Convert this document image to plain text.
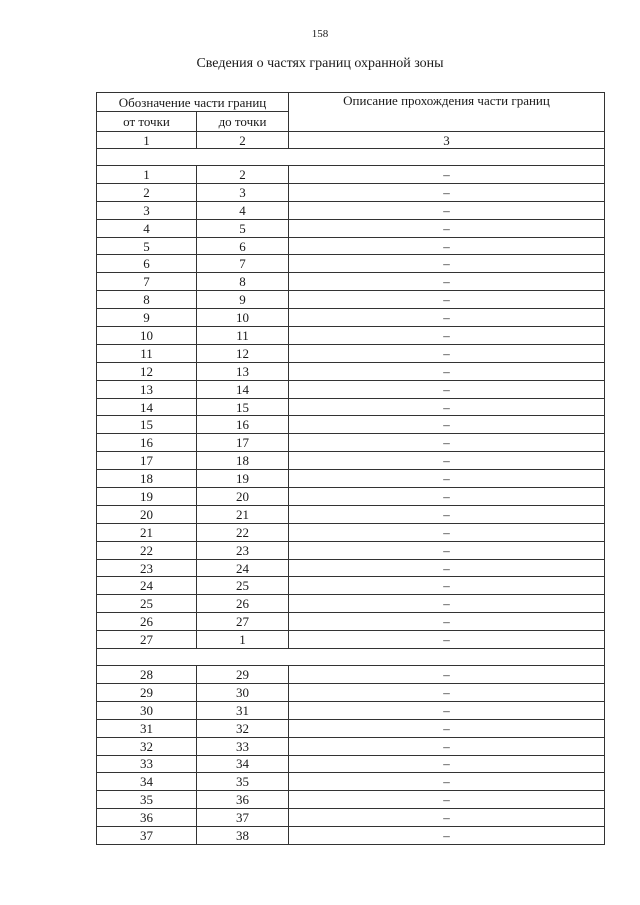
158
Сведения о частях границ охранной зоны
Обозначение части границ		Описание прохождения части границ
от точки	до точки	
1	2	3

1	2	–
2	3	–
3	4	–
4	5	–
5	6	–
6	7	–
7	8	–
8	9	–
9	10	–
10	11	–
11	12	–
12	13	–
13	14	–
14	15	–
15	16	–
16	17	–
17	18	–
18	19	–
19	20	–
20	21	–
21	22	–
22	23	–
23	24	–
24	25	–
25	26	–
26	27	–
27	1	–

28	29	–
29	30	–
30	31	–
31	32	–
32	33	–
33	34	–
34	35	–
35	36	–
36	37	–
37	38	–
